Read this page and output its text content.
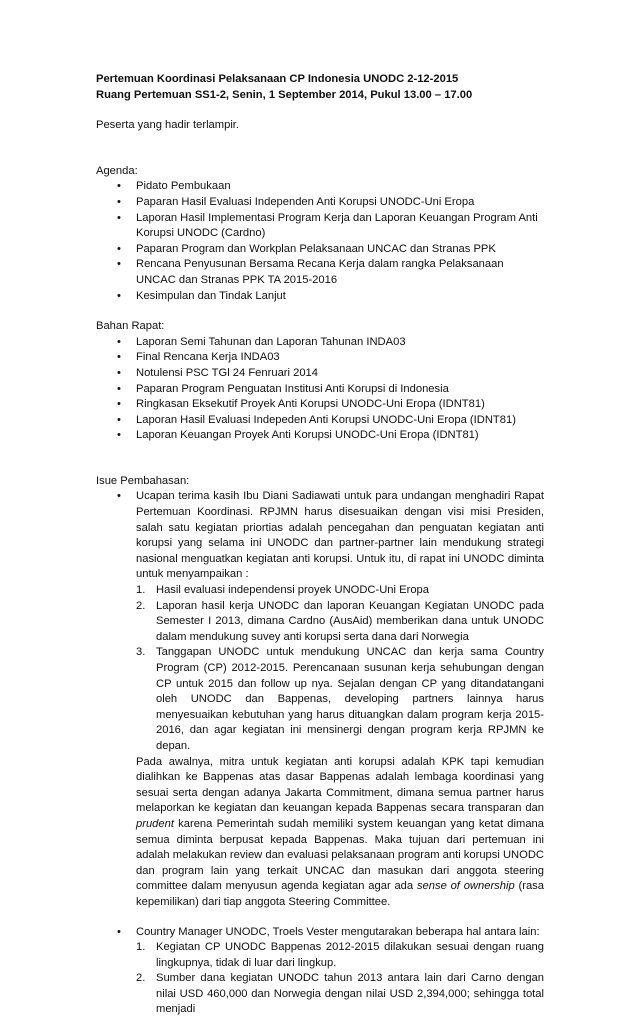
Pertemuan Koordinasi Pelaksanaan CP Indonesia UNODC 2-12-2015

Ruang Pertemuan SS1-2, Senin, 1 September 2014, Pukul 13.00 – 17.00

Peserta yang hadir terlampir.

Agenda:

• Pidato Pembukaan
• Paparan Hasil Evaluasi Independen Anti Korupsi UNODC-Uni Eropa
• Laporan Hasil Implementasi Program Kerja dan Laporan Keuangan Program Anti Korupsi UNODC (Cardno)
• Paparan Program dan Workplan Pelaksanaan UNCAC dan Stranas PPK
• Rencana Penyusunan Bersama Recana Kerja dalam rangka Pelaksanaan UNCAC dan Stranas PPK TA 2015-2016
• Kesimpulan dan Tindak Lanjut

Bahan Rapat:

• Laporan Semi Tahunan dan Laporan Tahunan INDA03
• Final Rencana Kerja INDA03
• Notulensi PSC TGl 24 Fenruari 2014
• Paparan Program Penguatan Institusi Anti Korupsi di Indonesia
• Ringkasan Eksekutif Proyek Anti Korupsi UNODC-Uni Eropa (IDNT81)
• Laporan Hasil Evaluasi Indepeden Anti Korupsi UNODC-Uni Eropa (IDNT81)
• Laporan Keuangan Proyek Anti Korupsi UNODC-Uni Eropa (IDNT81)

Isue Pembahasan:

• Ucapan terima kasih Ibu Diani Sadiawati untuk para undangan menghadiri Rapat Pertemuan Koordinasi. RPJMN harus disesuaikan dengan visi misi Presiden, salah satu kegiatan priortias adalah pencegahan dan penguatan kegiatan anti korupsi yang selama ini UNODC dan partner-partner lain mendukung strategi nasional menguatkan kegiatan anti korupsi. Untuk itu, di rapat ini UNODC diminta untuk menyampaikan :

1. Hasil evaluasi independensi proyek UNODC-Uni Eropa
2. Laporan hasil kerja UNODC dan laporan Keuangan Kegiatan UNODC pada Semester I 2013, dimana Cardno (AusAid) memberikan dana untuk UNODC dalam mendukung suvey anti korupsi serta dana dari Norwegia
3. Tanggapan UNODC untuk mendukung UNCAC dan kerja sama Country Program (CP) 2012-2015. Perencanaan susunan kerja sehubungan dengan CP untuk 2015 dan follow up nya. Sejalan dengan CP yang ditandatangani oleh UNODC dan Bappenas, developing partners lainnya harus menyesuaikan kebutuhan yang harus dituangkan dalam program kerja 2015-2016, dan agar kegiatan ini mensinergi dengan program kerja RPJMN ke depan.

Pada awalnya, mitra untuk kegiatan anti korupsi adalah KPK tapi kemudian dialihkan ke Bappenas atas dasar Bappenas adalah lembaga koordinasi yang sesuai serta dengan adanya Jakarta Commitment, dimana semua partner harus melaporkan ke kegiatan dan keuangan kepada Bappenas secara transparan dan prudent karena Pemerintah sudah memiliki system keuangan yang ketat dimana semua diminta berpusat kepada Bappenas. Maka tujuan dari pertemuan ini adalah melakukan review dan evaluasi pelaksanaan program anti korupsi UNODC dan program lain yang terkait UNCAC dan masukan dari anggota steering committee dalam menyusun agenda kegiatan agar ada sense of ownership (rasa kepemilikan) dari tiap anggota Steering Committee.

• Country Manager UNODC, Troels Vester mengutarakan beberapa hal antara lain:

1. Kegiatan CP UNODC Bappenas 2012-2015 dilakukan sesuai dengan ruang lingkupnya, tidak di luar dari lingkup.
2. Sumber dana kegiatan UNODC tahun 2013 antara lain dari Carno dengan nilai USD 460,000 dan Norwegia dengan nilai USD 2,394,000; sehingga total menjadi
